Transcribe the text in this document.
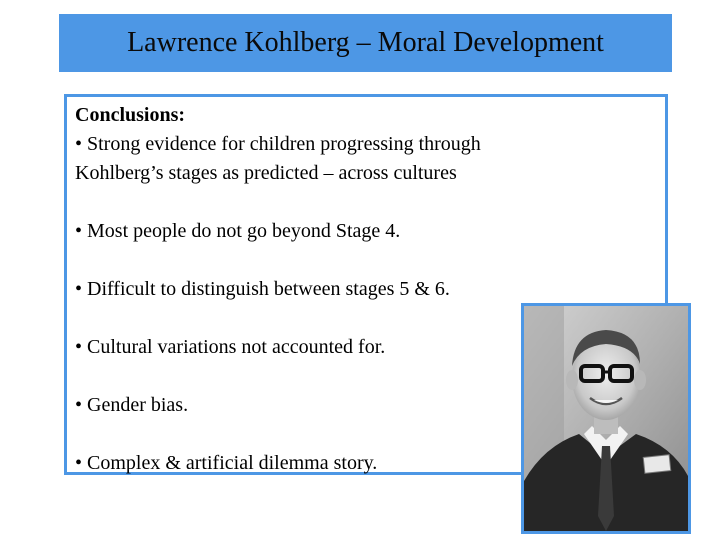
Lawrence Kohlberg – Moral Development

Conclusions:

• Strong evidence for children progressing through

Kohlberg’s stages as predicted – across cultures

• Most people do not go beyond Stage 4.

• Difficult to distinguish between stages 5 & 6.

• Cultural variations not accounted for.

• Gender bias.

• Complex & artificial dilemma story.
